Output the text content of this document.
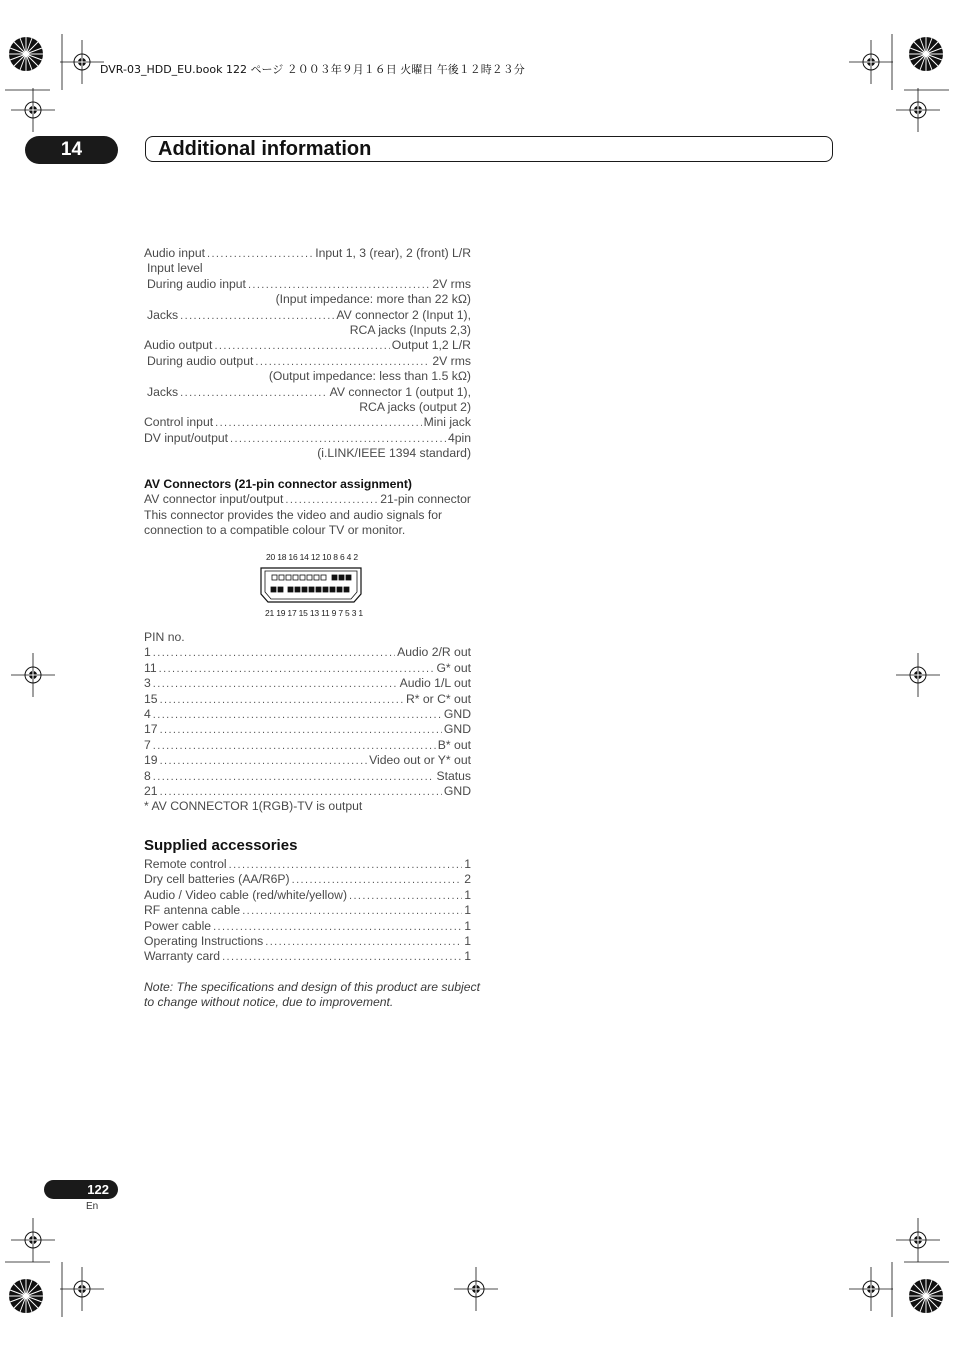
DVR-03_HDD_EU.book 122 ページ ２００３年９月１６日 火曜日 午後１２時２３分
14	Additional information
Audio input .....	Input 1, 3 (rear), 2 (front) L/R
Input level
During audio input .....	2V rms
(Input impedance: more than 22 kΩ)
Jacks .....	AV connector 2 (Input 1),
RCA jacks (Inputs 2,3)
Audio output .....	Output 1,2 L/R
During audio output .....	2V rms
(Output impedance: less than 1.5 kΩ)
Jacks .....	AV connector 1 (output 1),
RCA jacks (output 2)
Control input .....	Mini jack
DV input/output .....	4pin
(i.LINK/IEEE 1394 standard)
AV Connectors (21-pin connector assignment)
AV connector input/output .....	21-pin connector
This connector provides the video and audio signals for
connection to a compatible colour TV or monitor.
20 18 16 14 12 10 8 6 4 2
21 19 17 15 13 11 9 7 5 3 1
PIN no.
1 .....	Audio 2/R out
11 .....	G* out
3 .....	Audio 1/L out
15 .....	R* or C* out
4 .....	GND
17 .....	GND
7 .....	B* out
19 .....	Video out or Y* out
8 .....	Status
21 .....	GND
* AV CONNECTOR 1(RGB)-TV is output
Supplied accessories
Remote control .....	1
Dry cell batteries (AA/R6P) .....	2
Audio / Video cable (red/white/yellow) .....	1
RF antenna cable .....	1
Power cable .....	1
Operating Instructions .....	1
Warranty card .....	1
Note: The specifications and design of this product are subject
to change without notice, due to improvement.
122
En
